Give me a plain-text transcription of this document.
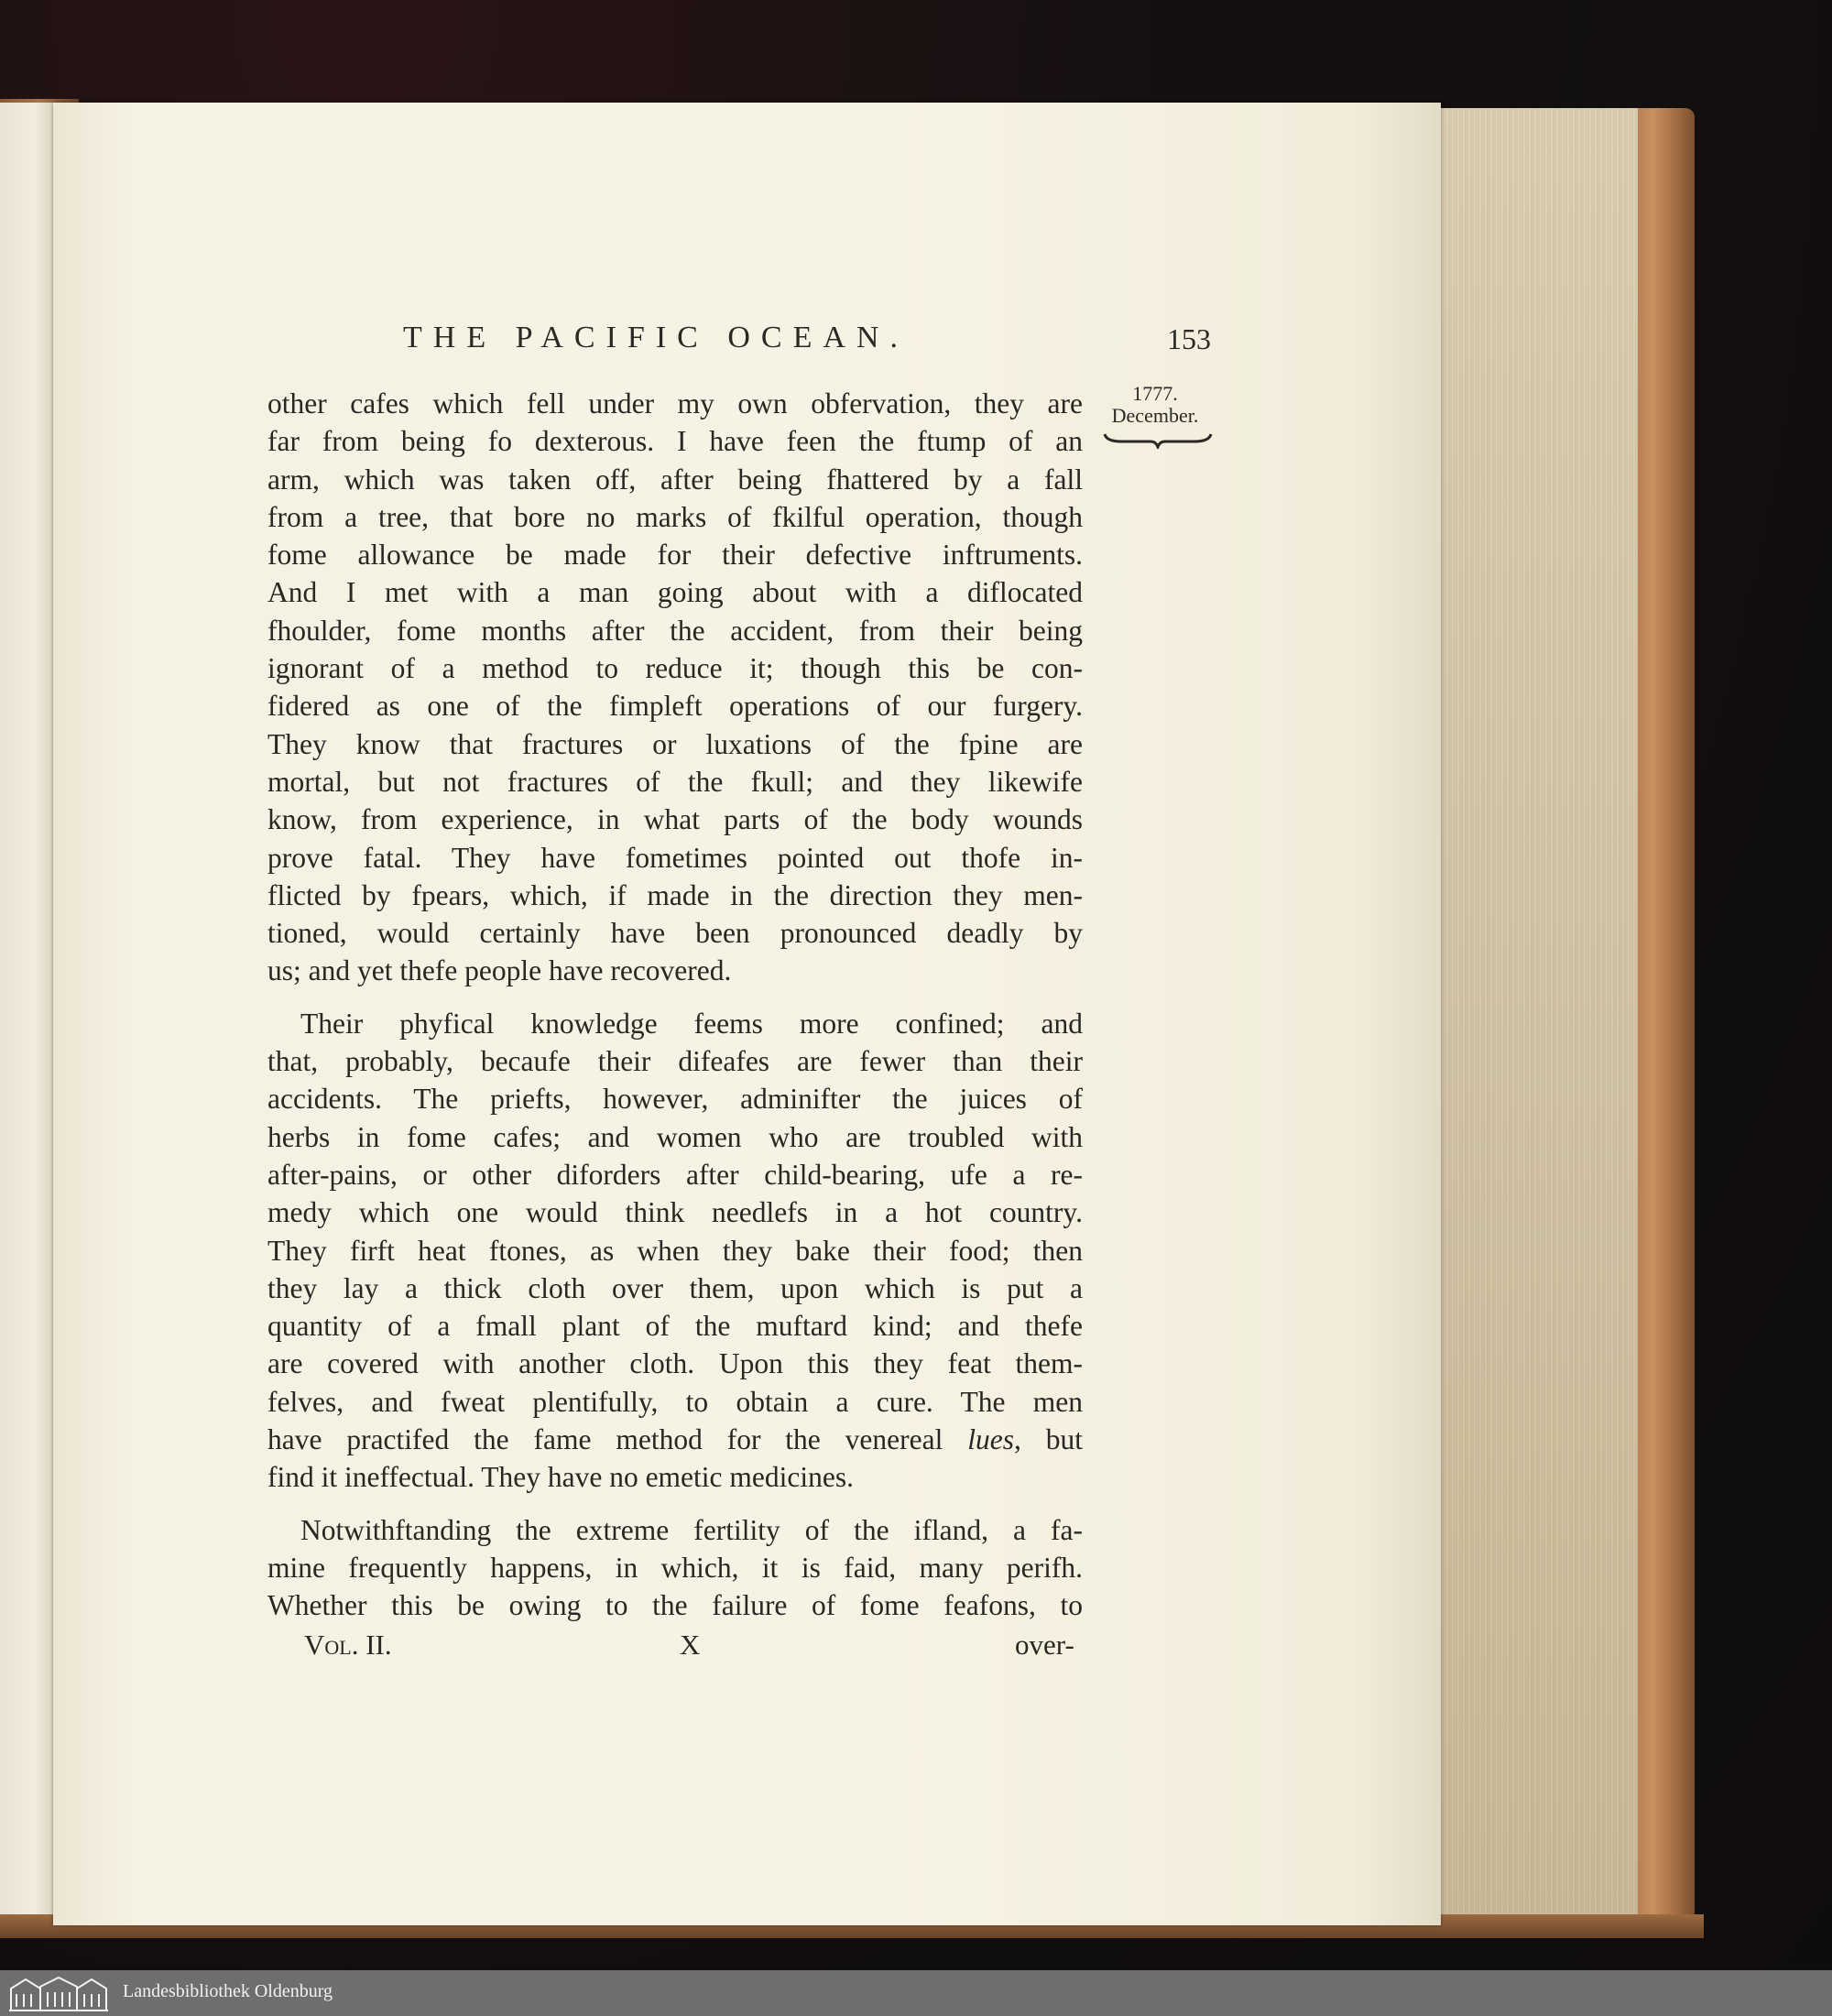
THE PACIFIC OCEAN.	153
1777.
December.
other cafes which fell under my own obfervation, they are
far from being fo dexterous. I have feen the ftump of an
arm, which was taken off, after being fhattered by a fall
from a tree, that bore no marks of fkilful operation, though
fome allowance be made for their defective inftruments.
And I met with a man going about with a diflocated
fhoulder, fome months after the accident, from their being
ignorant of a method to reduce it; though this be con-
fidered as one of the fimpleft operations of our furgery.
They know that fractures or luxations of the fpine are
mortal, but not fractures of the fkull; and they likewife
know, from experience, in what parts of the body wounds
prove fatal. They have fometimes pointed out thofe in-
flicted by fpears, which, if made in the direction they men-
tioned, would certainly have been pronounced deadly by
us; and yet thefe people have recovered.
Their phyfical knowledge feems more confined; and
that, probably, becaufe their difeafes are fewer than their
accidents. The priefts, however, adminifter the juices of
herbs in fome cafes; and women who are troubled with
after-pains, or other diforders after child-bearing, ufe a re-
medy which one would think needlefs in a hot country.
They firft heat ftones, as when they bake their food; then
they lay a thick cloth over them, upon which is put a
quantity of a fmall plant of the muftard kind; and thefe
are covered with another cloth. Upon this they feat them-
felves, and fweat plentifully, to obtain a cure. The men
have practifed the fame method for the venereal lues, but
find it ineffectual. They have no emetic medicines.
Notwithftanding the extreme fertility of the ifland, a fa-
mine frequently happens, in which, it is faid, many perifh.
Whether this be owing to the failure of fome feafons, to
Vol. II.	X	over-
Landesbibliothek Oldenburg
